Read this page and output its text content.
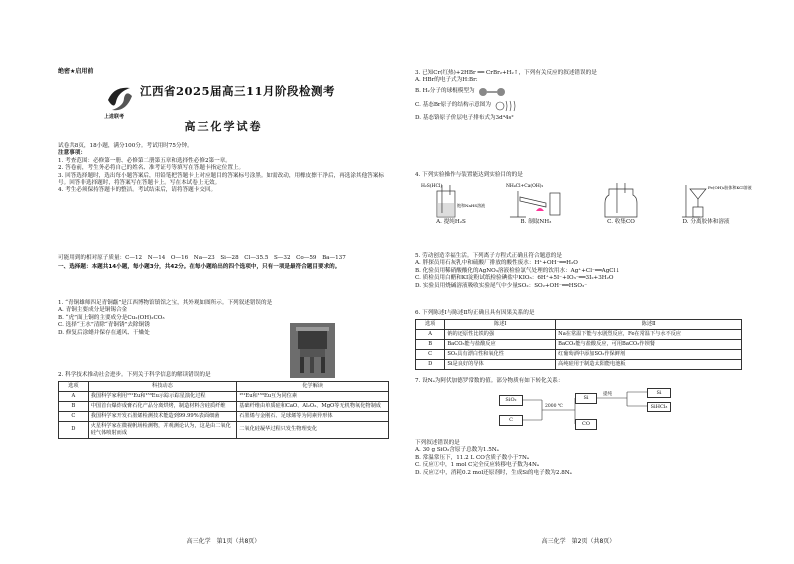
绝密★启用前
上进联考
江西省2025届高三11月阶段检测考
高三化学试卷

试卷共8页，18小题，满分100分。考试用时75分钟。

注意事项：

1. 考查范围：必修第一册、必修第二册第五章和选择性必修2第一章。

2. 答卷前，考生务必将自己的姓名、准考证号等填写在答题卡指定位置上。

3. 回答选择题时，选出每小题答案后，用铅笔把答题卡上对应题目的答案标号涂黑。如需改动，用橡皮擦干净后，再选涂其他答案标号。回答非选择题时，将答案写在答题卡上。写在本试卷上无效。

4. 考生必须保持答题卡的整洁。考试结束后，请将答题卡交回。

可能用到的相对原子质量：C—12　N—14　O—16　Na—23　Si—28　Cl—35.5　S—32　Co—59　Ba—137

一、选择题：本题共14小题，每小题3分，共42分。在每小题给出的四个选项中，只有一项是最符合题目要求的。

1. “青铜雄师四足青铜甗”是江西博物馆镇馆之宝，其外观如图所示。下列叙述错误的是

A. 青铜主要成分是铜锡合金

B. “虎”面上铜的主要成分是Cu₂(OH)₂CO₃

C. 选择“王水”清除“青铜锈”去除铜锈

D. 修复后涂蜡并保存在通风、干燥处

2. 科学技术推动社会进步。下列关于科学信息的解读错误的是

选项	科技动态	化学解读
A	我国科学家利用¹⁵¹Eu和¹⁵³Eu示踪示踪星演化过程	¹⁵¹Eu和¹⁵³Eu互为同位素
B	中国首台爆炸成膏石化产品分离烘烤，制造材料含硅质纤维	基础纤维由单质硅和CaO、Al₂O₃、MgO等无机物氧化物制成
C	我国科学家开发石墨烯检测技术能造到99.99%表面细菌	石墨烯与金刚石、足球烯等为同素异形体
D	火星科学家在微视帆场检测物，并观测论认为，这是由二氧化硅气体喷射而成	二氧化硅凝华过程只发生物理变化
高三化学　第1页（共8页）

3. 已知Cr(红热)+2HBr ══ CrBr₂+H₂↑，下列有关反应的叙述错误的是

A. HBr的电子式为H:Br:

B. H₂分子的球棍模型为

C. 基态Br原子的结构示意图为

D. 基态铬原子价层电子排布式为3d⁴4s²

4. 下列实验操作与装置能达到实验目的的是

H₂S(HCl)
饱和NaHS溶液

A. 提纯H₂S

NH₄Cl+Ca(OH)₂

B. 制取NH₃	C. 收集CO

Fe(OH)₃胶体和KCl溶液

D. 分离胶体和溶液

5. 劳动创造幸福生活。下列离子方程式正确且符合题意的是

A. 胖探员用石灰乳中和硫酸厂排放的酸性废水：H⁺+OH⁻══H₂O

B. 化验员用稀硝酸酸化的AgNO₃溶液检验氯气处理的饮用水：Ag⁺+Cl⁻══AgCl↓

C. 质检员用白醋和KI淀粉试纸检验碘盐中KIO₃：6H⁺+5I⁻+IO₃⁻══3I₂+3H₂O

D. 实验员用烧碱溶液吸收实验尾气中少量SO₂：SO₂+OH⁻══HSO₃⁻

6. 下列陈述Ⅰ与陈述Ⅱ均正确且具有因果关系的是

选项	陈述Ⅰ	陈述Ⅱ
A	钠的还原性比铁的强	Na在常温下能与水剧烈反应，Fe在常温下与水不反应
B	BaCO₃能与盐酸反应	BaCO₃能与盐酸反应，可用BaCO₃作钡餐
C	SO₂具有漂白性和氧化性	红葡萄酒中添加SO₂作保鲜剂
D	Si是良好的导体	高纯硅用于制造太阳能电池板

7. 设Nₐ为阿伏加德罗常数的值。部分物质有如下转化关系：

SiO₂
2000 ℃
C
Si
CO
提纯	Si
SiHCl₃

下列叙述错误的是

A. 30 g SiO₂含原子总数为1.5Nₐ

B. 常温常压下，11.2 L CO含质子数小于7Nₐ

C. 反应①中，1 mol C完全反应转移电子数为4Nₐ

D. 反应②中，消耗0.2 mol还原剂时，生成Si的电子数为2.8Nₐ

高三化学　第2页（共8页）
